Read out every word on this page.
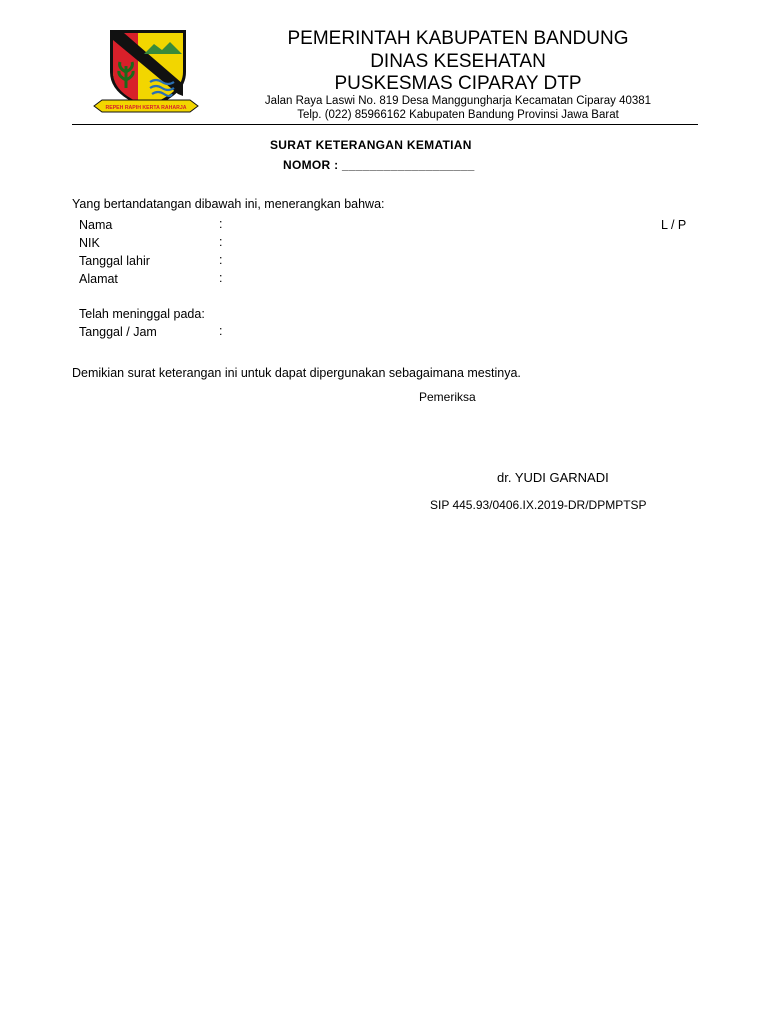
REPEH RAPIH KERTA RAHARJA
PEMERINTAH KABUPATEN BANDUNG
DINAS KESEHATAN
PUSKESMAS CIPARAY DTP
Jalan Raya Laswi No. 819 Desa Manggungharja Kecamatan Ciparay 40381
Telp. (022) 85966162 Kabupaten Bandung Provinsi Jawa Barat
SURAT KETERANGAN KEMATIAN
NOMOR : ___________________
Yang bertandatangan dibawah ini, menerangkan bahwa:
Nama	:	L / P
NIK	:
Tanggal lahir	:
Alamat	:
Telah meninggal pada:
Tanggal / Jam	:
Demikian surat keterangan ini untuk dapat dipergunakan sebagaimana mestinya.
Pemeriksa
dr. YUDI GARNADI
SIP 445.93/0406.IX.2019-DR/DPMPTSP
